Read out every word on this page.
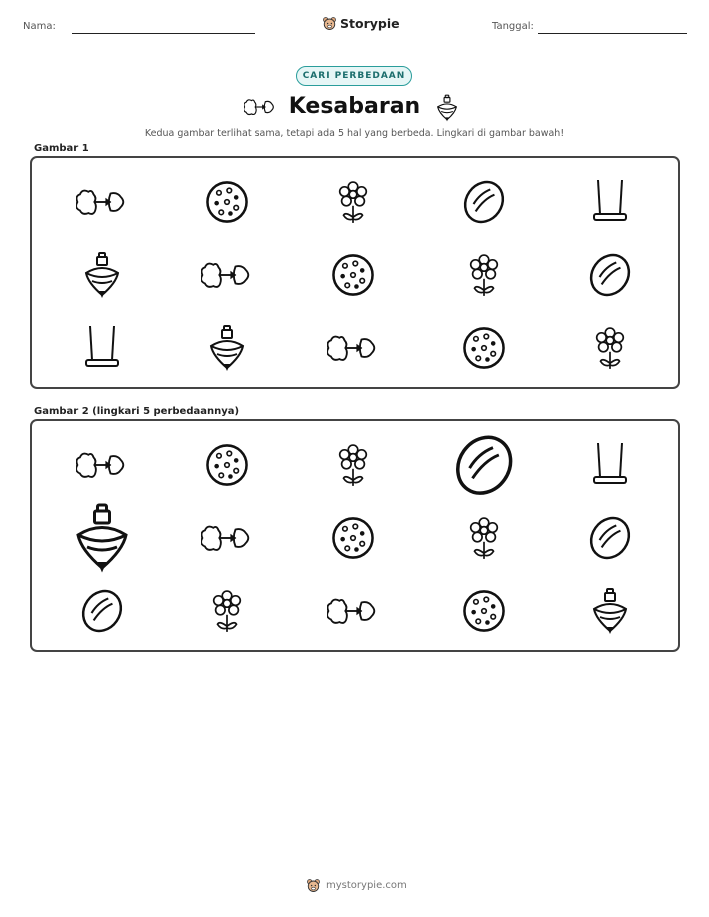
Nama:	Storypie	Tanggal:
CARI PERBEDAAN
Kesabaran
Kedua gambar terlihat sama, tetapi ada 5 hal yang berbeda. Lingkari di gambar bawah!
Gambar 1
Gambar 2 (lingkari 5 perbedaannya)
mystorypie.com
